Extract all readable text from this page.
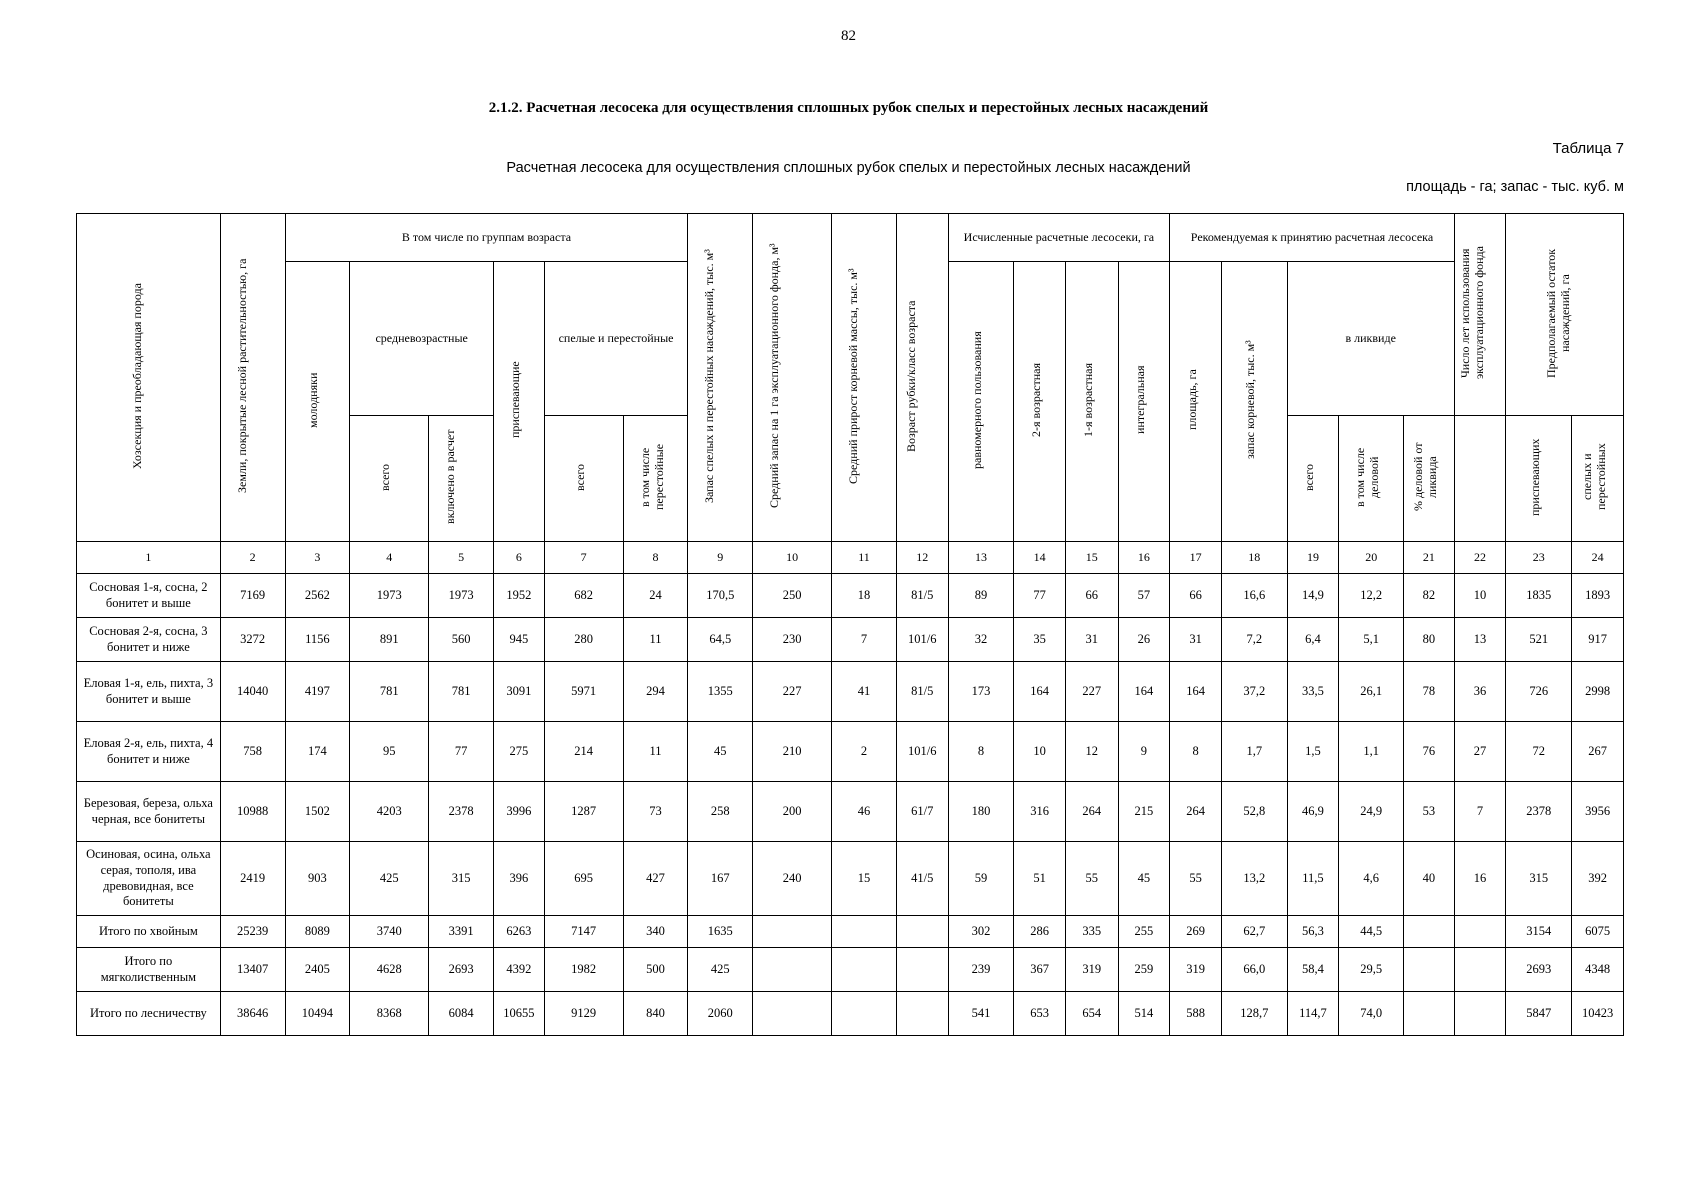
82
2.1.2. Расчетная лесосека для осуществления сплошных рубок спелых и перестойных лесных насаждений
Таблица 7
Расчетная лесосека для осуществления сплошных рубок спелых и перестойных лесных насаждений
площадь - га; запас - тыс. куб. м
Хозсекция и преобладающая порода	Земли, покрытые лесной растительностью, га	В том числе по группам возраста						Запас спелых и перестойных насаждений, тыс. м³	Средний запас на 1 га эксплуатационного фонда, м³	Средний прирост корневой массы, тыс. м³	Возраст рубки/класс возраста	Исчисленные расчетные лесосеки, га				Рекомендуемая к принятию расчетная лесосека					Число лет использования эксплуатационного фонда	Предполагаемый остаток насаждений, га	
		молодняки	средневозрастные		приспевающие	спелые и перестойные						равномерного пользования	2-я возрастная	1-я возрастная	интегральная	площадь, га	запас корневой, тыс. м³	в ликвиде					
			всего	включено в расчет		всего	в том числе перестойные											всего	в том числе деловой	% деловой от ликвида		приспевающих	спелых и перестойных
1	2	3	4	5	6	7	8	9	10	11	12	13	14	15	16	17	18	19	20	21	22	23	24
Сосновая 1-я, сосна, 2 бонитет и выше	7169	2562	1973	1973	1952	682	24	170,5	250	18	81/5	89	77	66	57	66	16,6	14,9	12,2	82	10	1835	1893
Сосновая 2-я, сосна, 3 бонитет и ниже	3272	1156	891	560	945	280	11	64,5	230	7	101/6	32	35	31	26	31	7,2	6,4	5,1	80	13	521	917
Еловая 1-я, ель, пихта, 3 бонитет и выше	14040	4197	781	781	3091	5971	294	1355	227	41	81/5	173	164	227	164	164	37,2	33,5	26,1	78	36	726	2998
Еловая 2-я, ель, пихта, 4 бонитет и ниже	758	174	95	77	275	214	11	45	210	2	101/6	8	10	12	9	8	1,7	1,5	1,1	76	27	72	267
Березовая, береза, ольха черная, все бонитеты	10988	1502	4203	2378	3996	1287	73	258	200	46	61/7	180	316	264	215	264	52,8	46,9	24,9	53	7	2378	3956
Осиновая, осина, ольха серая, тополя, ива древовидная, все бонитеты	2419	903	425	315	396	695	427	167	240	15	41/5	59	51	55	45	55	13,2	11,5	4,6	40	16	315	392
Итого по хвойным	25239	8089	3740	3391	6263	7147	340	1635				302	286	335	255	269	62,7	56,3	44,5			3154	6075
Итого по мягколиственным	13407	2405	4628	2693	4392	1982	500	425				239	367	319	259	319	66,0	58,4	29,5			2693	4348
Итого по лесничеству	38646	10494	8368	6084	10655	9129	840	2060				541	653	654	514	588	128,7	114,7	74,0			5847	10423
